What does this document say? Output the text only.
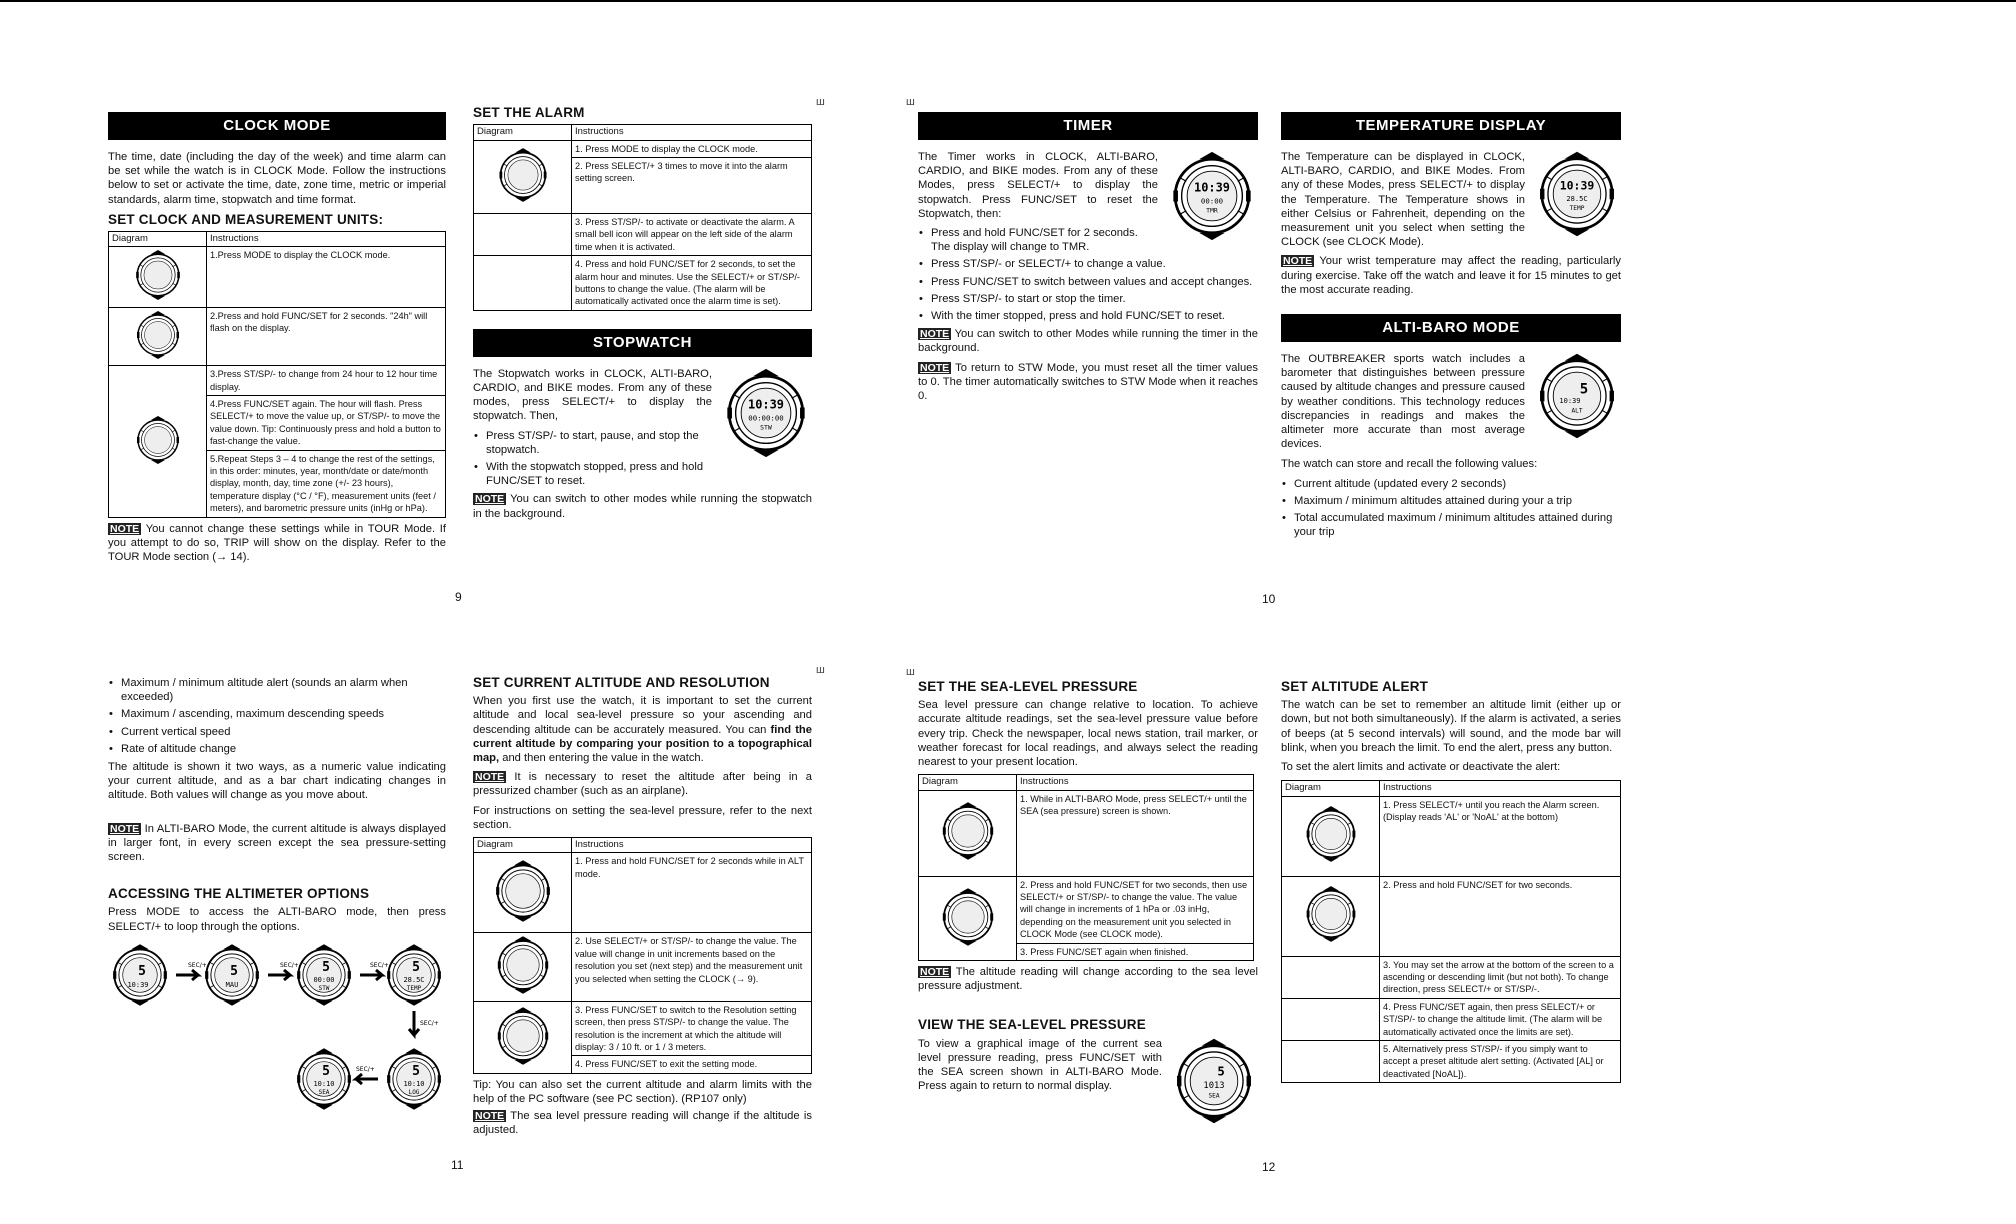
CLOCK MODE

The time, date (including the day of the week) and time alarm can be set while the watch is in CLOCK Mode. Follow the instructions below to set or activate the time, date, zone time, metric or imperial standards, alarm time, stopwatch and time format.

SET CLOCK AND MEASUREMENT UNITS:
Diagram	Instructions
	1.Press MODE to display the CLOCK mode.
	2.Press and hold FUNC/SET for 2 seconds. "24h" will flash on the display.
	3.Press ST/SP/- to change from 24 hour to 12 hour time display.
	4.Press FUNC/SET again. The hour will flash. Press SELECT/+ to move the value up, or ST/SP/- to move the value down. Tip: Continuously press and hold a button to fast-change the value.
	5.Repeat Steps 3 – 4 to change the rest of the settings, in this order: minutes, year, month/date or date/month display, month, day, time zone (+/- 23 hours), temperature display (°C / °F), measurement units (feet / meters), and barometric pressure units (inHg or hPa).

NOTE You cannot change these settings while in TOUR Mode. If you attempt to do so, TRIP will show on the display. Refer to the TOUR Mode section (→ 14).

SET THE ALARM
Diagram	Instructions
	1. Press MODE to display the CLOCK mode.
	2. Press SELECT/+ 3 times to move it into the alarm setting screen.
	3. Press ST/SP/- to activate or deactivate the alarm. A small bell icon will appear on the left side of the alarm time when it is activated.
	4. Press and hold FUNC/SET for 2 seconds, to set the alarm hour and minutes. Use the SELECT/+ or ST/SP/- buttons to change the value. (The alarm will be automatically activated once the alarm time is set).
STOPWATCH
10:39
00:00:00
STW

The Stopwatch works in CLOCK, ALTI-BARO, CARDIO, and BIKE modes. From any of these modes, press SELECT/+ to display the stopwatch. Then,

• Press ST/SP/- to start, pause, and stop the stopwatch.
• With the stopwatch stopped, press and hold FUNC/SET to reset.

NOTE You can switch to other modes while running the stopwatch in the background.

9
ш	ш
TIMER
10:39
00:00
TMR

The Timer works in CLOCK, ALTI-BARO, CARDIO, and BIKE modes. From any of these Modes, press SELECT/+ to display the stopwatch. Press FUNC/SET to reset the Stopwatch, then:

• Press and hold FUNC/SET for 2 seconds. The display will change to TMR.
• Press ST/SP/- or SELECT/+ to change a value.
• Press FUNC/SET to switch between values and accept changes.
• Press ST/SP/- to start or stop the timer.
• With the timer stopped, press and hold FUNC/SET to reset.

NOTE You can switch to other Modes while running the timer in the background.

NOTE To return to STW Mode, you must reset all the timer values to 0. The timer automatically switches to STW Mode when it reaches 0.

TEMPERATURE DISPLAY
10:39
28.5C
TEMP

The Temperature can be displayed in CLOCK, ALTI-BARO, CARDIO, and BIKE Modes. From any of these Modes, press SELECT/+ to display the Temperature. The Temperature shows in either Celsius or Fahrenheit, depending on the measurement unit you select when setting the CLOCK (see CLOCK Mode).

NOTE Your wrist temperature may affect the reading, particularly during exercise. Take off the watch and leave it for 15 minutes to get the most accurate reading.

ALTI-BARO MODE
5
10:39
ALT

The OUTBREAKER sports watch includes a barometer that distinguishes between pressure caused by altitude changes and pressure caused by weather conditions. This technology reduces discrepancies in readings and makes the altimeter more accurate than most average devices.

The watch can store and recall the following values:

• Current altitude (updated every 2 seconds)
• Maximum / minimum altitudes attained during your a trip
• Total accumulated maximum / minimum altitudes attained during your trip
10
• Maximum / minimum altitude alert (sounds an alarm when exceeded)
• Maximum / ascending, maximum descending speeds
• Current vertical speed
• Rate of altitude change

The altitude is shown it two ways, as a numeric value indicating your current altitude, and as a bar chart indicating changes in altitude. Both values will change as you move about.

NOTE In ALTI-BARO Mode, the current altitude is always displayed in larger font, in every screen except the sea pressure-setting screen.

ACCESSING THE ALTIMETER OPTIONS

Press MODE to access the ALTI-BARO mode, then press SELECT/+ to loop through the options.

5
10:39
SEC/+ 5
MAU
SEC/+ 5
00:00
STW
SEC/+ 5
28.5C
TEMP
SEC/+
5
10:10
LOG
SEC/+
5
10:10
SEA
SET CURRENT ALTITUDE AND RESOLUTION

When you first use the watch, it is important to set the current altitude and local sea-level pressure so your ascending and descending altitude can be accurately measured. You can find the current altitude by comparing your position to a topographical map, and then entering the value in the watch.

NOTE It is necessary to reset the altitude after being in a pressurized chamber (such as an airplane).

For instructions on setting the sea-level pressure, refer to the next section.

Diagram	Instructions
	1. Press and hold FUNC/SET for 2 seconds while in ALT mode.
	2. Use SELECT/+ or ST/SP/- to change the value. The value will change in unit increments based on the resolution you set (next step) and the measurement unit you selected when setting the CLOCK (→ 9).
	3. Press FUNC/SET to switch to the Resolution setting screen, then press ST/SP/- to change the value. The resolution is the increment at which the altitude will display: 3 / 10 ft. or 1 / 3 meters.
	4. Press FUNC/SET to exit the setting mode.

Tip: You can also set the current altitude and alarm limits with the help of the PC software (see PC section). (RP107 only)

NOTE The sea level pressure reading will change if the altitude is adjusted.

11
ш	ш
SET THE SEA-LEVEL PRESSURE

Sea level pressure can change relative to location. To achieve accurate altitude readings, set the sea-level pressure value before every trip. Check the newspaper, local news station, trail marker, or weather forecast for local readings, and always select the reading nearest to your present location.

Diagram	Instructions
	1. While in ALTI-BARO Mode, press SELECT/+ until the SEA (sea pressure) screen is shown.
	2. Press and hold FUNC/SET for two seconds, then use SELECT/+ or ST/SP/- to change the value. The value will change in increments of 1 hPa or .03 inHg, depending on the measurement unit you selected in CLOCK Mode (see CLOCK mode).
	3. Press FUNC/SET again when finished.

NOTE The altitude reading will change according to the sea level pressure adjustment.

VIEW THE SEA-LEVEL PRESSURE
5
1013
SEA

To view a graphical image of the current sea level pressure reading, press FUNC/SET with the SEA screen shown in ALTI-BARO Mode. Press again to return to normal display.

SET ALTITUDE ALERT

The watch can be set to remember an altitude limit (either up or down, but not both simultaneously). If the alarm is activated, a series of beeps (at 5 second intervals) will sound, and the mode bar will blink, when you breach the limit. To end the alert, press any button.

To set the alert limits and activate or deactivate the alert:

Diagram	Instructions
	1. Press SELECT/+ until you reach the Alarm screen. (Display reads 'AL' or 'NoAL' at the bottom)
	2. Press and hold FUNC/SET for two seconds.
	3. You may set the arrow at the bottom of the screen to a ascending or descending limit (but not both). To change direction, press SELECT/+ or ST/SP/-.
	4. Press FUNC/SET again, then press SELECT/+ or ST/SP/- to change the altitude limit. (The alarm will be automatically activated once the limits are set).
	5. Alternatively press ST/SP/- if you simply want to accept a preset altitude alert setting. (Activated [AL] or deactivated [NoAL]).
12
